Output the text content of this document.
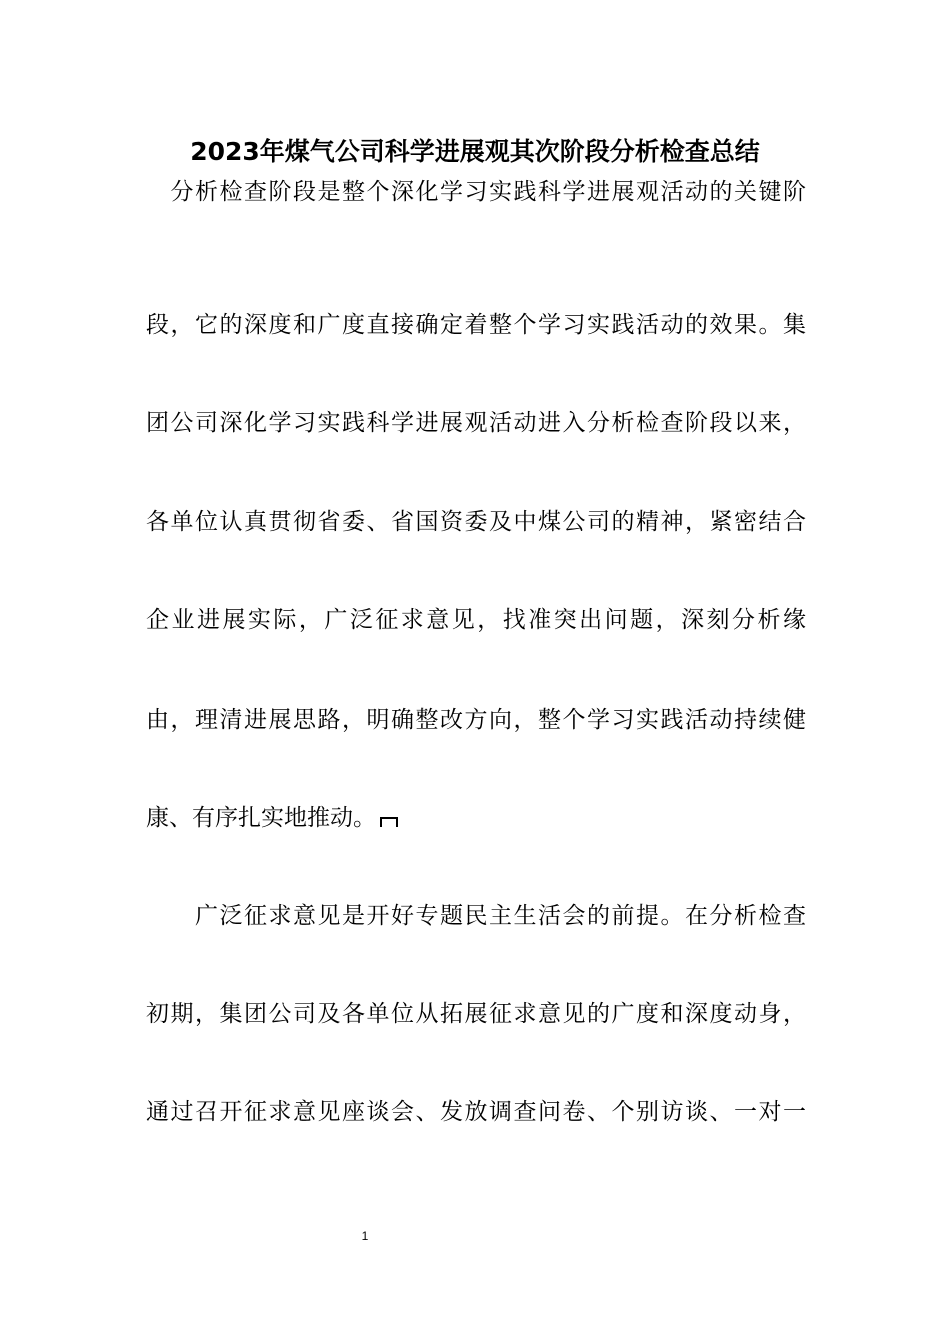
2023年煤气公司科学进展观其次阶段分析检查总结
　分析检查阶段是整个深化学习实践科学进展观活动的关键阶
段，它的深度和广度直接确定着整个学习实践活动的效果。集
团公司深化学习实践科学进展观活动进入分析检查阶段以来，
各单位认真贯彻省委、省国资委及中煤公司的精神，紧密结合
企业进展实际，广泛征求意见，找准突出问题，深刻分析缘
由，理清进展思路，明确整改方向，整个学习实践活动持续健
康、有序扎实地推动。
　　广泛征求意见是开好专题民主生活会的前提。在分析检查
初期，集团公司及各单位从拓展征求意见的广度和深度动身，
通过召开征求意见座谈会、发放调查问卷、个别访谈、一对一
1
